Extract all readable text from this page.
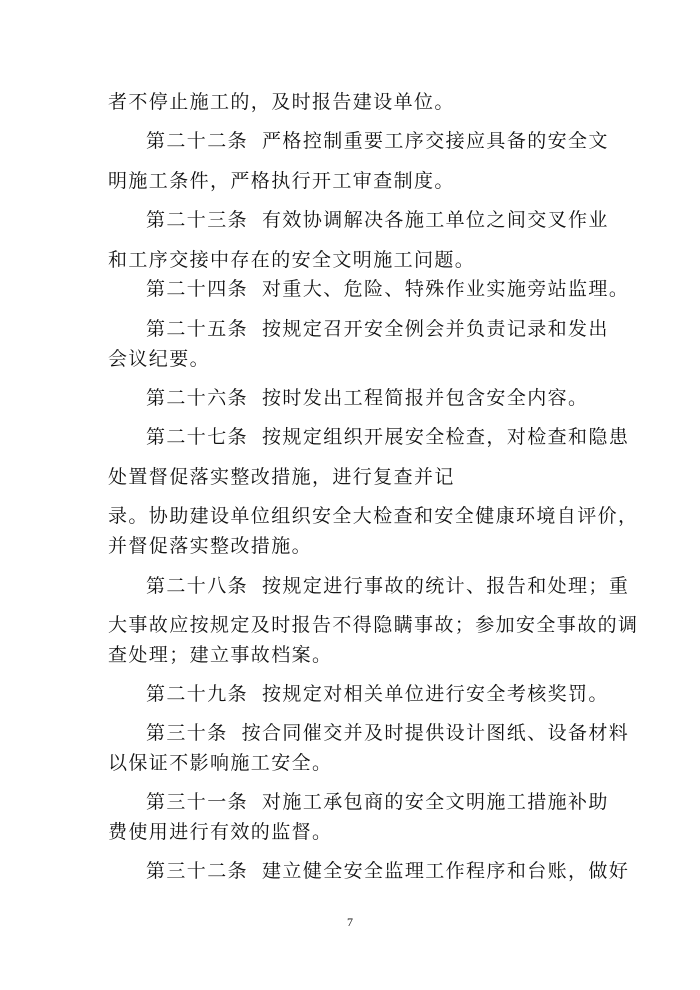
者不停止施工的，及时报告建设单位。
第二十二条 严格控制重要工序交接应具备的安全文
明施工条件，严格执行开工审查制度。
第二十三条 有效协调解决各施工单位之间交叉作业
和工序交接中存在的安全文明施工问题。
第二十四条 对重大、危险、特殊作业实施旁站监理。
第二十五条 按规定召开安全例会并负责记录和发出
会议纪要。
第二十六条 按时发出工程简报并包含安全内容。
第二十七条 按规定组织开展安全检查，对检查和隐患
处置督促落实整改措施，进行复查并记
录。协助建设单位组织安全大检查和安全健康环境自评价，
并督促落实整改措施。
第二十八条 按规定进行事故的统计、报告和处理；重
大事故应按规定及时报告不得隐瞒事故；参加安全事故的调
查处理；建立事故档案。
第二十九条 按规定对相关单位进行安全考核奖罚。
第三十条 按合同催交并及时提供设计图纸、设备材料
以保证不影响施工安全。
第三十一条 对施工承包商的安全文明施工措施补助
费使用进行有效的监督。
第三十二条 建立健全安全监理工作程序和台账，做好
7
